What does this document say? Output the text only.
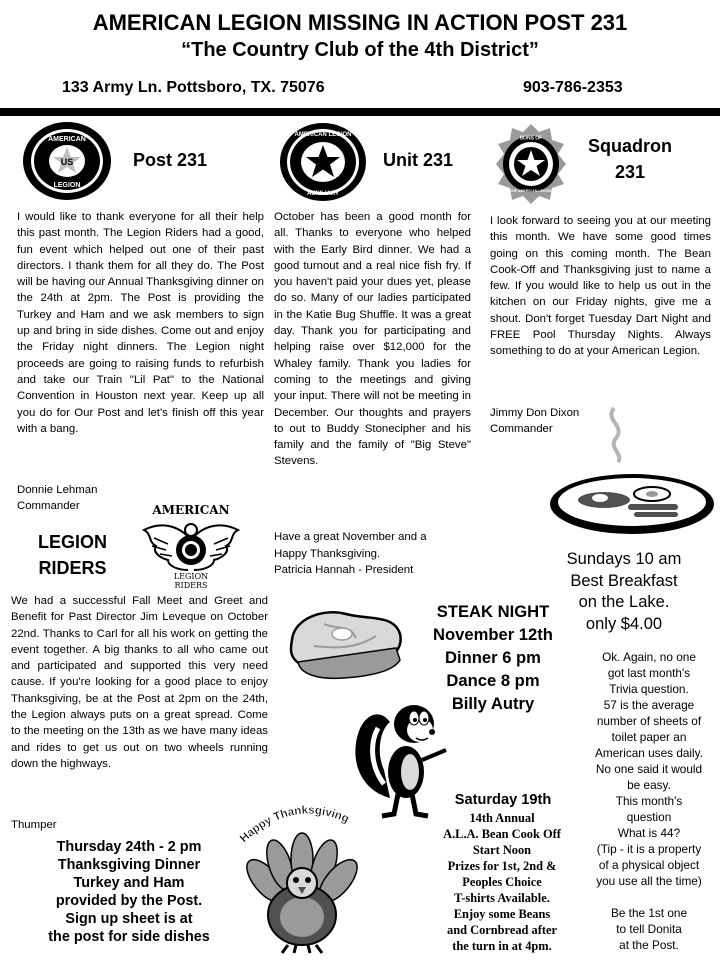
AMERICAN LEGION MISSING IN ACTION POST 231
“The Country Club of the 4th District”
133 Army Ln. Pottsboro, TX. 75076	903-786-2353
US
AMERICAN
LEGION
Post 231
I would like to thank everyone for all their help this past month. The Legion Riders had a good, fun event which helped out one of their past directors. I thank them for all they do. The Post will be having our Annual Thanksgiving dinner on the 24th at 2pm. The Post is providing the Turkey and Ham and we ask members to sign up and bring in side dishes. Come out and enjoy the Friday night dinners. The Legion night proceeds are going to raising funds to refurbish and take our Train "Lil Pat" to the National Convention in Houston next year. Keep up all you do for Our Post and let's finish off this year with a bang.
Donnie Lehman
Commander
AMERICAN LEGION
AUXILIARY
Unit 231
October has been a good month for all. Thanks to everyone who helped with the Early Bird dinner. We had a good turnout and a real nice fish fry. If you haven't paid your dues yet, please do so. Many of our ladies participated in the Katie Bug Shuffle. It was a great day. Thank you for participating and helping raise over $12,000 for the Whaley family. Thank you ladies for coming to the meetings and giving your input. There will not be meeting in December. Our thoughts and prayers to out to Buddy Stonecipher and his family and the family of "Big Steve" Stevens.
Have a great November and a
Happy Thanksgiving.
Patricia Hannah - President
SONS OF
THE AMERICAN LEGION
Squadron
231
I look forward to seeing you at our meeting this month. We have some good times going on this coming month. The Bean Cook-Off and Thanksgiving just to name a few. If you would like to help us out in the kitchen on our Friday nights, give me a shout. Don't forget Tuesday Dart Night and FREE Pool Thursday Nights. Always something to do at your American Legion.
Jimmy Don Dixon
Commander
LEGION
RIDERS
AMERICAN
LEGION
RIDERS
We had a successful Fall Meet and Greet and Benefit for Past Director Jim Leveque on October 22nd. Thanks to Carl for all his work on getting the event together. A big thanks to all who came out and participated and supported this very need cause. If you're looking for a good place to enjoy Thanksgiving, be at the Post at 2pm on the 24th, the Legion always puts on a great spread. Come to the meeting on the 13th as we have many ideas and rides to get us out on two wheels running down the highways.
Thumper
Thursday 24th - 2 pm
Thanksgiving Dinner
Turkey and Ham
provided by the Post.
Sign up sheet is at
the post for side dishes
Happy Thanksgiving
STEAK NIGHT
November 12th
Dinner 6 pm
Dance 8 pm
Billy Autry
Saturday 19th
14th Annual
A.L.A. Bean Cook Off
Start Noon
Prizes for 1st, 2nd &
Peoples Choice
T-shirts Available.
Enjoy some Beans
and Cornbread after
the turn in at 4pm.
Sundays 10 am
Best Breakfast
on the Lake.
only $4.00
Ok. Again, no one
got last month's
Trivia question.
57 is the average
number of sheets of
toilet paper an
American uses daily.
No one said it would
be easy.
This month's
question
What is 44?
(Tip - it is a property
of a physical object
you use all the time)
Be the 1st one
to tell Donita
at the Post.
